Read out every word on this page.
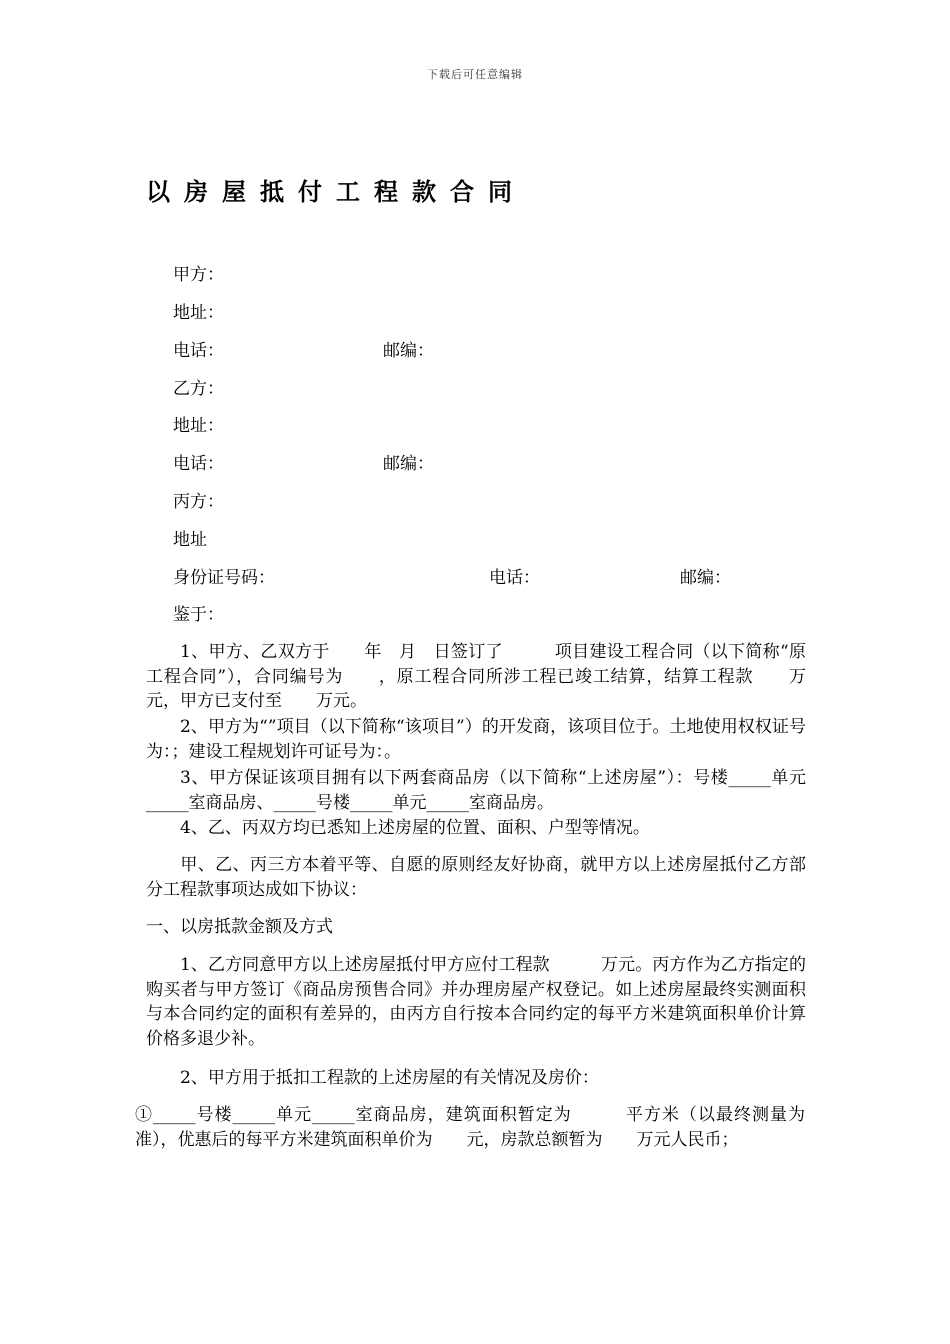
下载后可任意编辑
以房屋抵付工程款合同
甲方：
地址：
电话：	邮编：
乙方：
地址：
电话：	邮编：
丙方：
地址
身份证号码：	电话：	邮编：
鉴于：

1、甲方、乙双方于　　年　月　日签订了　　　项目建设工程合同（以下简称“原工程合同”），合同编号为　　，原工程合同所涉工程已竣工结算，结算工程款　　万元，甲方已支付至　　万元。

2、甲方为“”项目（以下简称“该项目”）的开发商，该项目位于。土地使用权权证号为：；建设工程规划许可证号为：。

3、甲方保证该项目拥有以下两套商品房（以下简称“上述房屋”）：号楼_____单元_____室商品房、_____号楼_____单元_____室商品房。

4、乙、丙双方均已悉知上述房屋的位置、面积、户型等情况。

甲、乙、丙三方本着平等、自愿的原则经友好协商，就甲方以上述房屋抵付乙方部分工程款事项达成如下协议：

一、以房抵款金额及方式

1、乙方同意甲方以上述房屋抵付甲方应付工程款　　　万元。丙方作为乙方指定的购买者与甲方签订《商品房预售合同》并办理房屋产权登记。如上述房屋最终实测面积与本合同约定的面积有差异的，由丙方自行按本合同约定的每平方米建筑面积单价计算价格多退少补。

2、甲方用于抵扣工程款的上述房屋的有关情况及房价：

①_____号楼_____单元_____室商品房，建筑面积暂定为　　　平方米（以最终测量为准），优惠后的每平方米建筑面积单价为　　元，房款总额暂为　　万元人民币；
